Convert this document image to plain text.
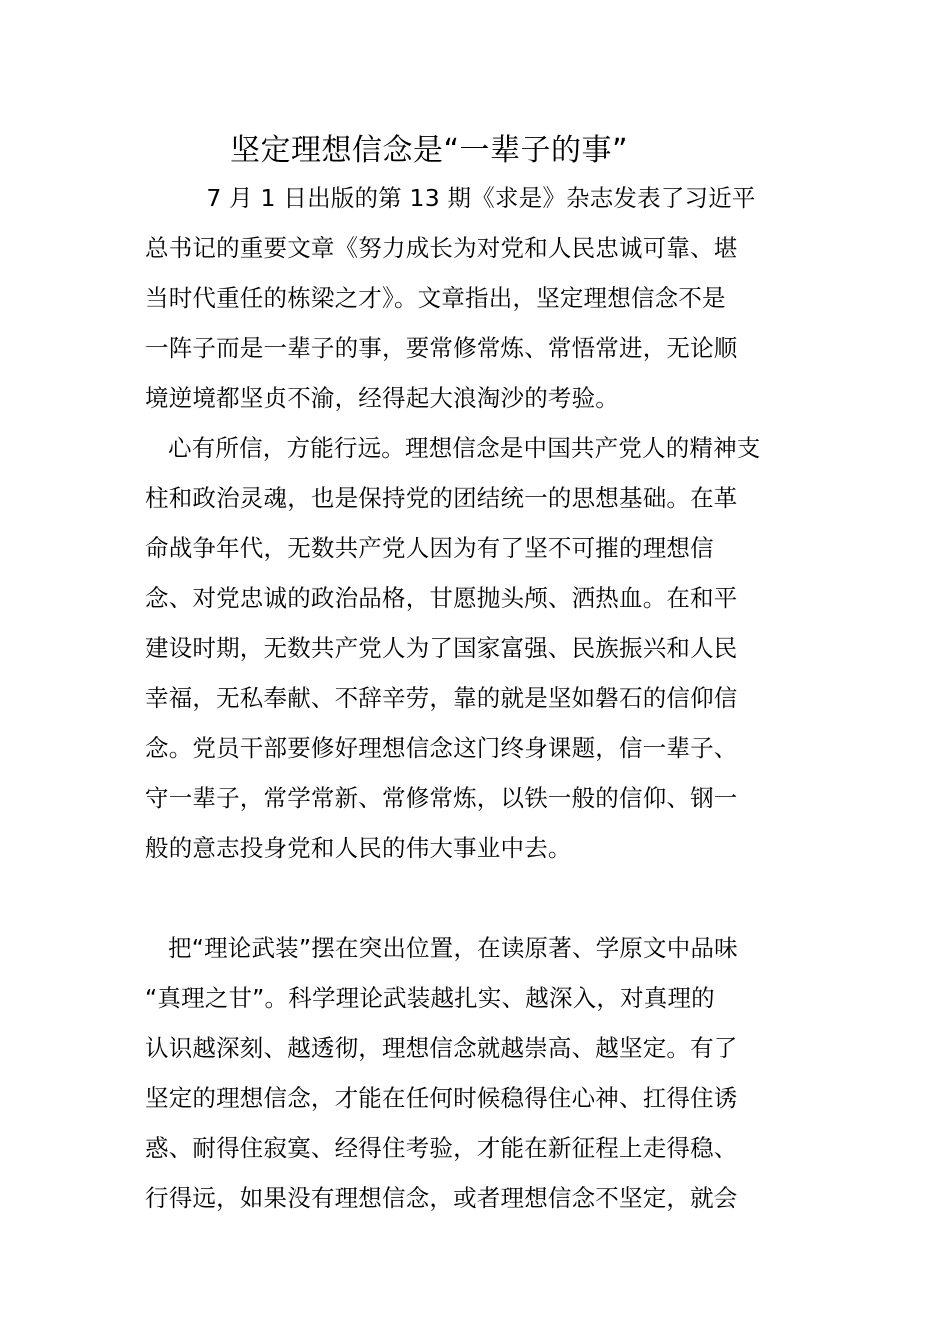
坚定理想信念是“一辈子的事”

7 月 1 日出版的第 13 期《求是》杂志发表了习近平

总书记的重要文章《努力成长为对党和人民忠诚可靠、堪

当时代重任的栋梁之才》。文章指出，坚定理想信念不是

一阵子而是一辈子的事，要常修常炼、常悟常进，无论顺

境逆境都坚贞不渝，经得起大浪淘沙的考验。

心有所信，方能行远。理想信念是中国共产党人的精神支

柱和政治灵魂，也是保持党的团结统一的思想基础。在革

命战争年代，无数共产党人因为有了坚不可摧的理想信

念、对党忠诚的政治品格，甘愿抛头颅、洒热血。在和平

建设时期，无数共产党人为了国家富强、民族振兴和人民

幸福，无私奉献、不辞辛劳，靠的就是坚如磐石的信仰信

念。党员干部要修好理想信念这门终身课题，信一辈子、

守一辈子，常学常新、常修常炼，以铁一般的信仰、钢一

般的意志投身党和人民的伟大事业中去。

把“理论武装”摆在突出位置，在读原著、学原文中品味

“真理之甘”。科学理论武装越扎实、越深入，对真理的

认识越深刻、越透彻，理想信念就越崇高、越坚定。有了

坚定的理想信念，才能在任何时候稳得住心神、扛得住诱

惑、耐得住寂寞、经得住考验，才能在新征程上走得稳、

行得远，如果没有理想信念，或者理想信念不坚定，就会
